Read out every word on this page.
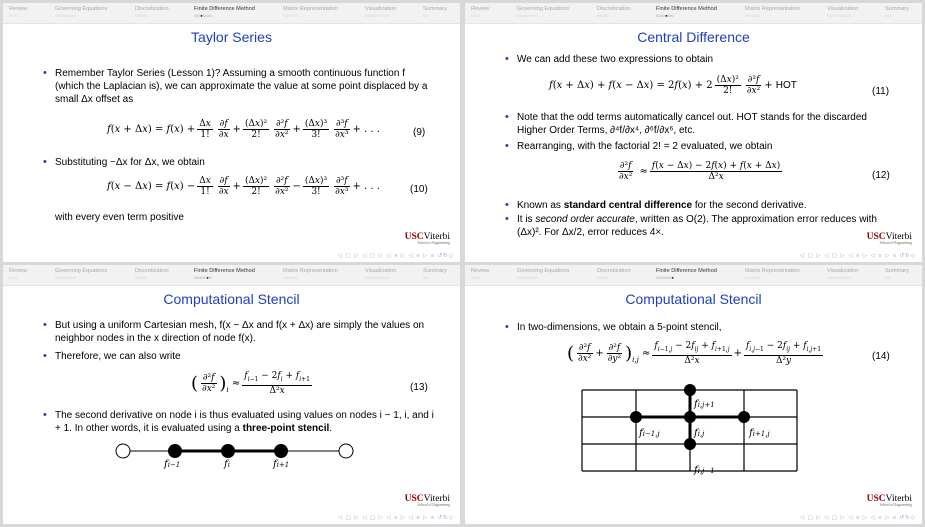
Review
○○○
Governing Equations
○○○○○○○
Discretization
○○○○
Finite Difference Method
○○●○○○
Matrix Representation
○○○○○
Visualization
○○○○○○○○
Summary
○○
Taylor Series
• Remember Taylor Series (Lesson 1)? Assuming a smooth continuous function f (which the Laplacian is), we can approximate the value at some point displaced by a small Δx offset as
f ( x + Δ x ) = f ( x ) + $\frac{\Delta x}{1!} \frac{\partial f}{\partial x} + \frac{\text{(Δx)²}}{2!} \frac{\text{∂²f}}{\text{∂x²}} + \frac{\text{(Δx)³}}{3!} \frac{\text{∂³f}}{\text{∂x³}}$ + . . .	(9)
• Substituting −Δx for Δx, we obtain
f ( x − Δ x ) = f ( x ) − $\frac{\Delta x}{1!} \frac{\partial f}{\partial x} + \frac{\text{(Δx)²}}{2!} \frac{\text{∂²f}}{\text{∂x²}} - \frac{\text{(Δx)³}}{3!} \frac{\text{∂³f}}{\text{∂x³}}$ + . . .	(10)
with every even term positive
USCViterbi
School of Engineering
◁ ▢ ▷ ◁ ▢ ▷ ◁ ≡ ▷ ◁ ≡ ▷ ≡ ↺↻◇
Review
○○○
Governing Equations
○○○○○○○
Discretization
○○○○
Finite Difference Method
○○○●○○
Matrix Representation
○○○○○
Visualization
○○○○○○○○
Summary
○○
Central Difference
• We can add these two expressions to obtain
f ( x + Δ x ) + f ( x − Δ x ) = 2 f ( x ) + $2 \frac{\text{(Δx)²}}{2!} \frac{\text{∂²f}}{\text{∂x²}}$ + HOT
(11)
• Note that the odd terms automatically cancel out. HOT stands for the discarded Higher Order Terms, ∂⁴f/∂x⁴, ∂⁶f/∂x⁶, etc.
• Rearranging, with the factorial 2! = 2 evaluated, we obtain
$\frac{\text{∂²f}}{\text{∂x²}} \approx \frac{f(x - \Delta x) - 2f(x) + f(x + \Delta x)}{\text{Δ²x}}$	(12)
• Known as standard central difference for the second derivative.
• It is second order accurate, written as O(2). The approximation error reduces with (Δx)². For Δx/2, error reduces 4×.	USCViterbi
School of Engineering
◁ ▢ ▷ ◁ ▢ ▷ ◁ ≡ ▷ ◁ ≡ ▷ ≡ ↺↻◇
Review
○○○
Governing Equations
○○○○○○○
Discretization
○○○○
Finite Difference Method
○○○○●○
Matrix Representation
○○○○○
Visualization
○○○○○○○○
Summary
○○
Computational Stencil
• But using a uniform Cartesian mesh, f(x − Δx and f(x + Δx) are simply the values on neighbor nodes in the x direction of node f(x).
• Therefore, we can also write
( $\frac{\text{∂²f}}{\text{∂x²}}$ ) $_i$
≈ $\frac{f_{i-1} - 2f_i + f_{i+1}}{\text{Δ²x}}$	(13)
• The second derivative on node i is thus evaluated using values on nodes i − 1, i, and i + 1. In other words, it is evaluated using a three-point stencil.
f i−1	f i	f i+1
USCViterbi
School of Engineering
◁ ▢ ▷ ◁ ▢ ▷ ◁ ≡ ▷ ◁ ≡ ▷ ≡ ↺↻◇
Review
○○○
Governing Equations
○○○○○○○
Discretization
○○○○
Finite Difference Method
○○○○○●
Matrix Representation
○○○○○
Visualization
○○○○○○○○
Summary
○○
Computational Stencil
• In two-dimensions, we obtain a 5-point stencil,
( $\frac{\text{∂²f}}{\text{∂x²}} + \frac{\text{∂²f}}{\text{∂y²}}$ ) $_{i,j}$
≈ $\frac{f_{i-1,j} - 2f_{ij} + f_{i+1,j}}{\text{Δ²x}} + \frac{f_{i,j-1} - 2f_{ij} + f_{i,j+1}}{\text{Δ²y}}$	(14)
f i,j+1
f i−1,j	f i,j	f i+1,j
f i,j−1
USCViterbi
School of Engineering
◁ ▢ ▷ ◁ ▢ ▷ ◁ ≡ ▷ ◁ ≡ ▷ ≡ ↺↻◇
